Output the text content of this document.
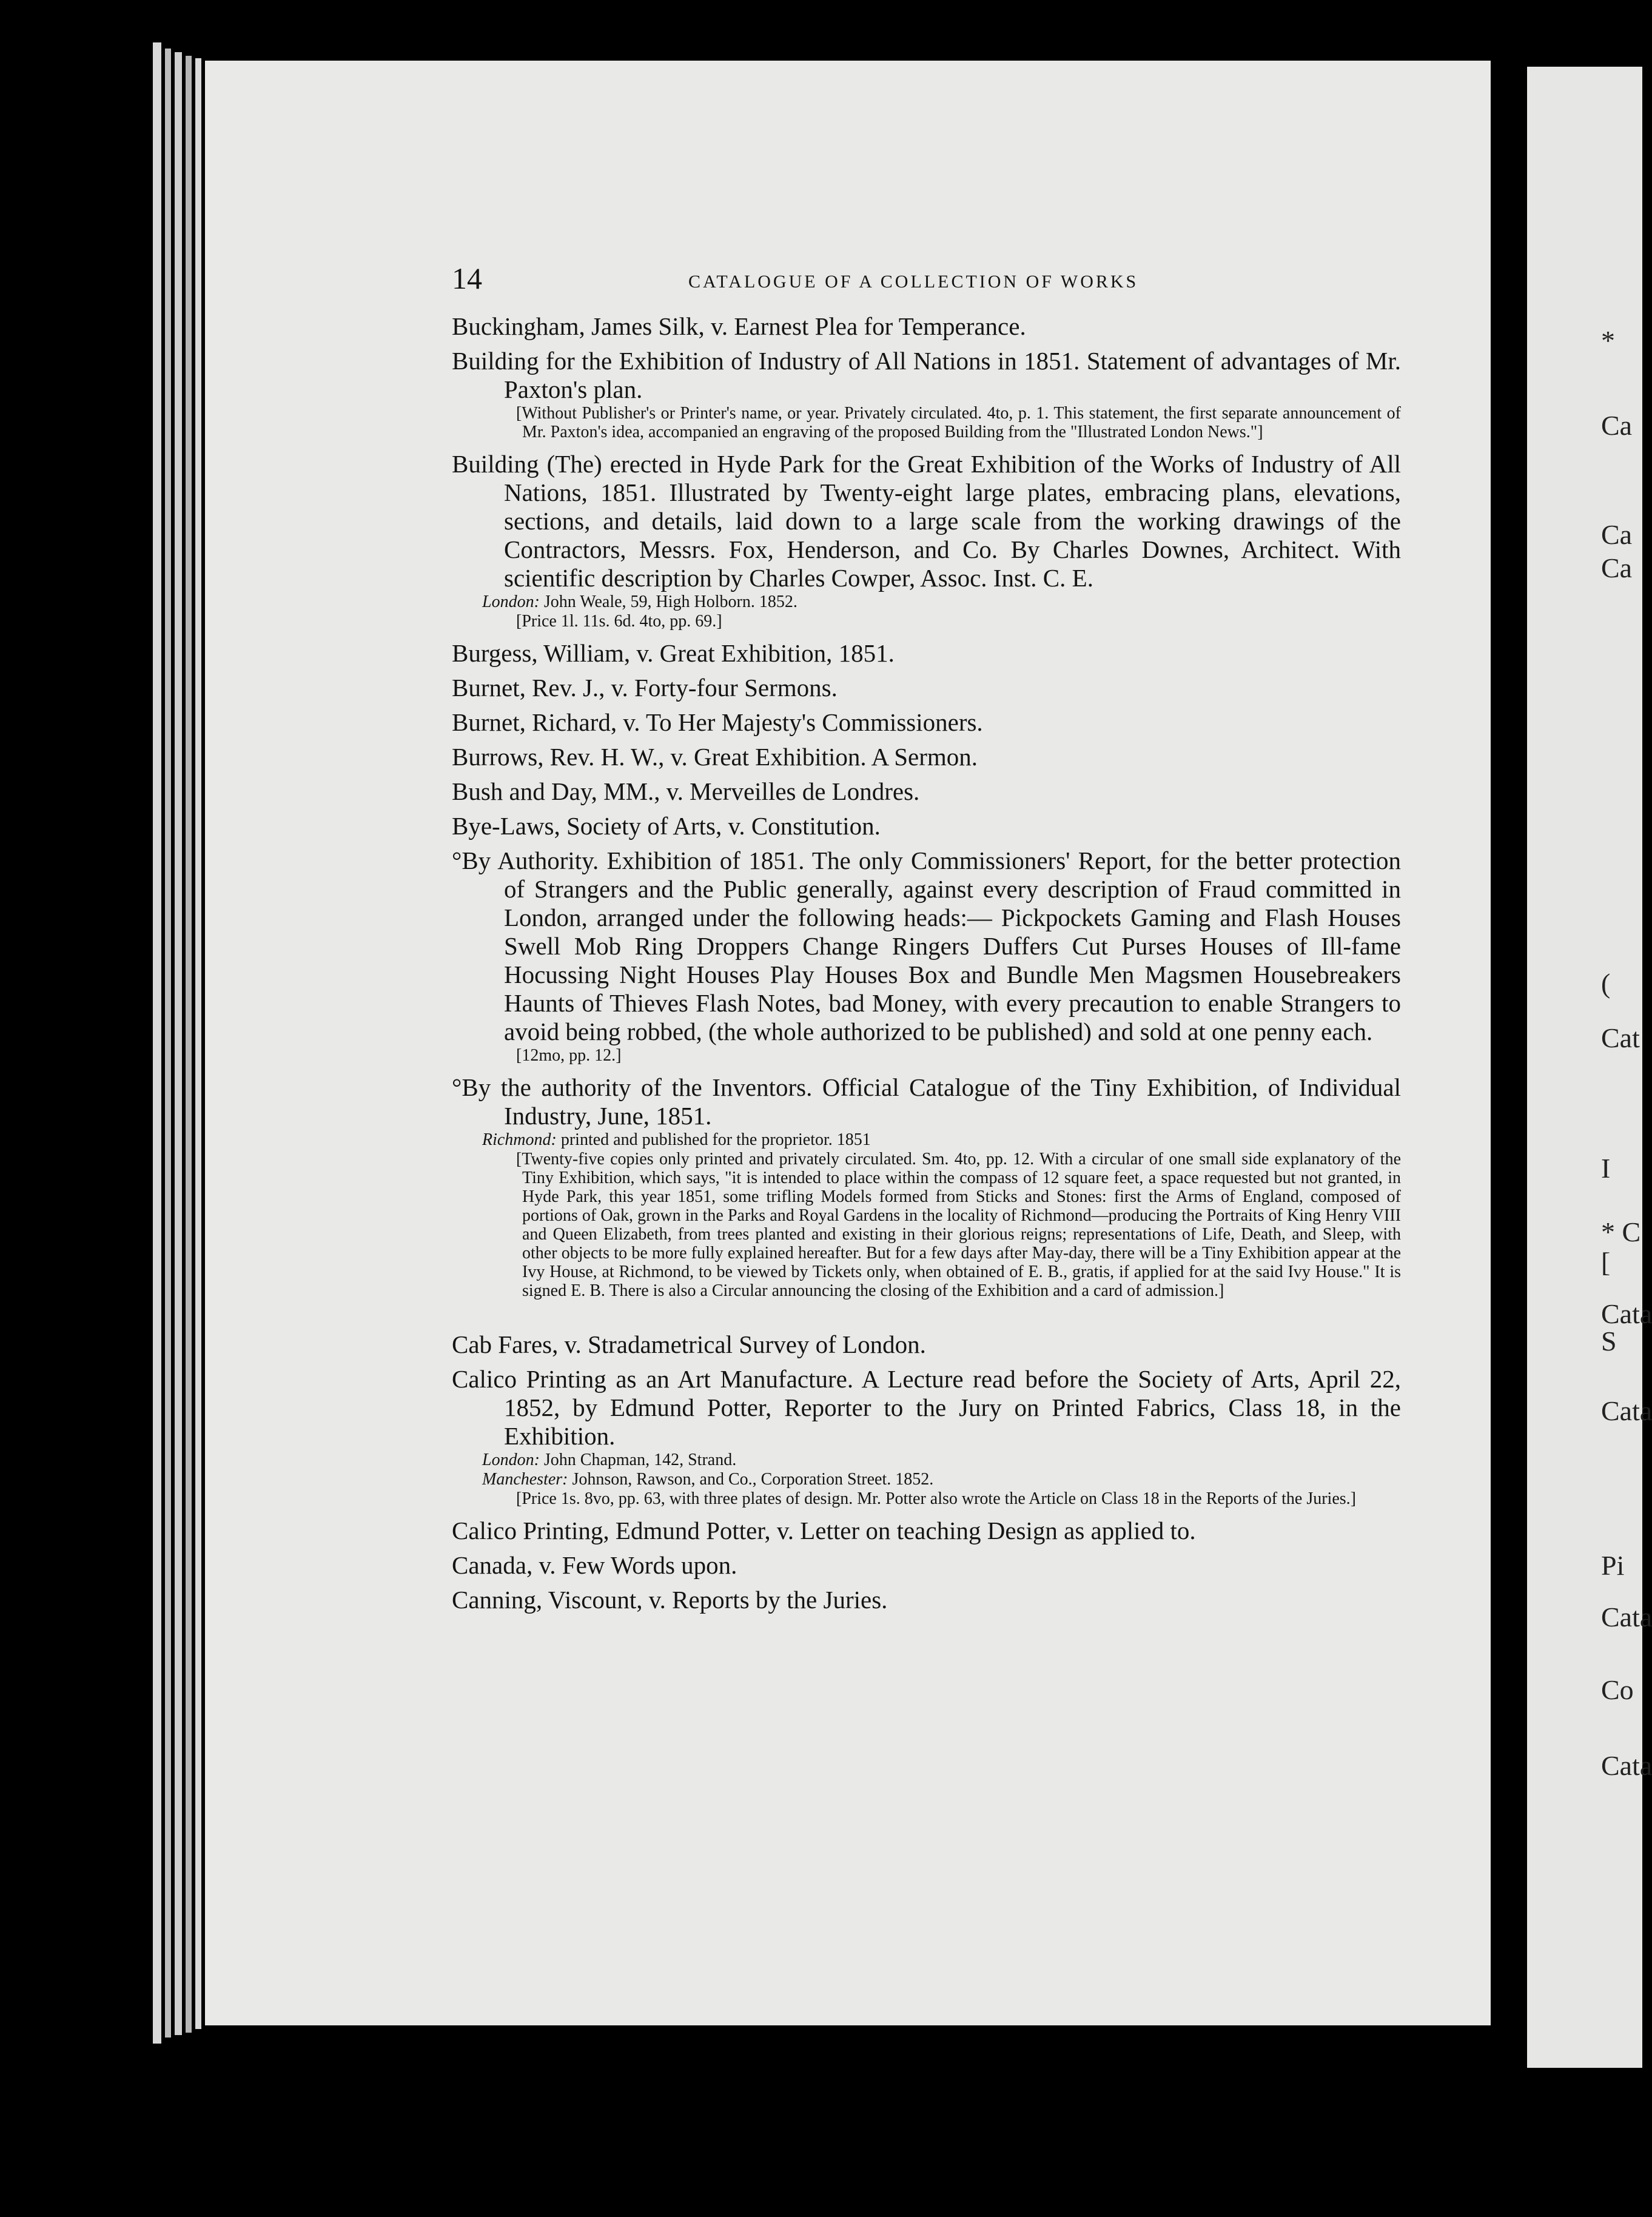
*
Ca
Ca
Ca
(
Cat
I
* C
[
Cata
S
Cata
Pi
Cata
Co
Cata
14	CATALOGUE OF A COLLECTION OF WORKS

Buckingham, James Silk, v. Earnest Plea for Temperance.

Building for the Exhibition of Industry of All Nations in 1851. Statement of advantages of Mr. Paxton's plan.

[Without Publisher's or Printer's name, or year. Privately circulated. 4to, p. 1. This statement, the first separate announcement of Mr. Paxton's idea, accompanied an engraving of the proposed Building from the "Illustrated London News."]

Building (The) erected in Hyde Park for the Great Exhibition of the Works of Industry of All Nations, 1851. Illustrated by Twenty-eight large plates, embracing plans, elevations, sections, and details, laid down to a large scale from the working drawings of the Contractors, Messrs. Fox, Henderson, and Co. By Charles Downes, Architect. With scientific description by Charles Cowper, Assoc. Inst. C. E.

London: John Weale, 59, High Holborn. 1852.

[Price 1l. 11s. 6d. 4to, pp. 69.]

Burgess, William, v. Great Exhibition, 1851.

Burnet, Rev. J., v. Forty-four Sermons.

Burnet, Richard, v. To Her Majesty's Commissioners.

Burrows, Rev. H. W., v. Great Exhibition. A Sermon.

Bush and Day, MM., v. Merveilles de Londres.

Bye-Laws, Society of Arts, v. Constitution.

°By Authority. Exhibition of 1851. The only Commissioners' Report, for the better protection of Strangers and the Public generally, against every description of Fraud committed in London, arranged under the following heads:— Pickpockets Gaming and Flash Houses Swell Mob Ring Droppers Change Ringers Duffers Cut Purses Houses of Ill-fame Hocussing Night Houses Play Houses Box and Bundle Men Magsmen Housebreakers Haunts of Thieves Flash Notes, bad Money, with every precaution to enable Strangers to avoid being robbed, (the whole authorized to be published) and sold at one penny each.

[12mo, pp. 12.]

°By the authority of the Inventors. Official Catalogue of the Tiny Exhibition, of Individual Industry, June, 1851.

Richmond: printed and published for the proprietor. 1851

[Twenty-five copies only printed and privately circulated. Sm. 4to, pp. 12. With a circular of one small side explanatory of the Tiny Exhibition, which says, "it is intended to place within the compass of 12 square feet, a space requested but not granted, in Hyde Park, this year 1851, some trifling Models formed from Sticks and Stones: first the Arms of England, composed of portions of Oak, grown in the Parks and Royal Gardens in the locality of Richmond—producing the Portraits of King Henry VIII and Queen Elizabeth, from trees planted and existing in their glorious reigns; representations of Life, Death, and Sleep, with other objects to be more fully explained hereafter. But for a few days after May-day, there will be a Tiny Exhibition appear at the Ivy House, at Richmond, to be viewed by Tickets only, when obtained of E. B., gratis, if applied for at the said Ivy House." It is signed E. B. There is also a Circular announcing the closing of the Exhibition and a card of admission.]

Cab Fares, v. Stradametrical Survey of London.

Calico Printing as an Art Manufacture. A Lecture read before the Society of Arts, April 22, 1852, by Edmund Potter, Reporter to the Jury on Printed Fabrics, Class 18, in the Exhibition.

London: John Chapman, 142, Strand.

Manchester: Johnson, Rawson, and Co., Corporation Street. 1852.

[Price 1s. 8vo, pp. 63, with three plates of design. Mr. Potter also wrote the Article on Class 18 in the Reports of the Juries.]

Calico Printing, Edmund Potter, v. Letter on teaching Design as applied to.

Canada, v. Few Words upon.

Canning, Viscount, v. Reports by the Juries.
